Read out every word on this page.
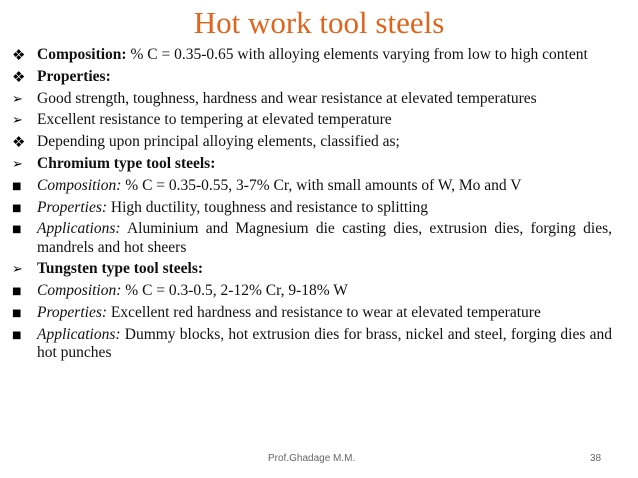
Hot work tool steels
❖ Composition: % C = 0.35-0.65 with alloying elements varying from low to high content
❖ Properties:
➢ Good strength, toughness, hardness and wear resistance at elevated temperatures
➢ Excellent resistance to tempering at elevated temperature
❖ Depending upon principal alloying elements, classified as;
➢ Chromium type tool steels:
■	Composition: % C = 0.35-0.55, 3-7% Cr, with small amounts of W, Mo and V
■	Properties: High ductility, toughness and resistance to splitting
■	Applications: Aluminium and Magnesium die casting dies, extrusion dies, forging dies, mandrels and hot sheers
➢ Tungsten type tool steels:
■	Composition: % C = 0.3-0.5, 2-12% Cr, 9-18% W
■	Properties: Excellent red hardness and resistance to wear at elevated temperature
■	Applications: Dummy blocks, hot extrusion dies for brass, nickel and steel, forging dies and hot punches
Prof.Ghadage M.M.	38
